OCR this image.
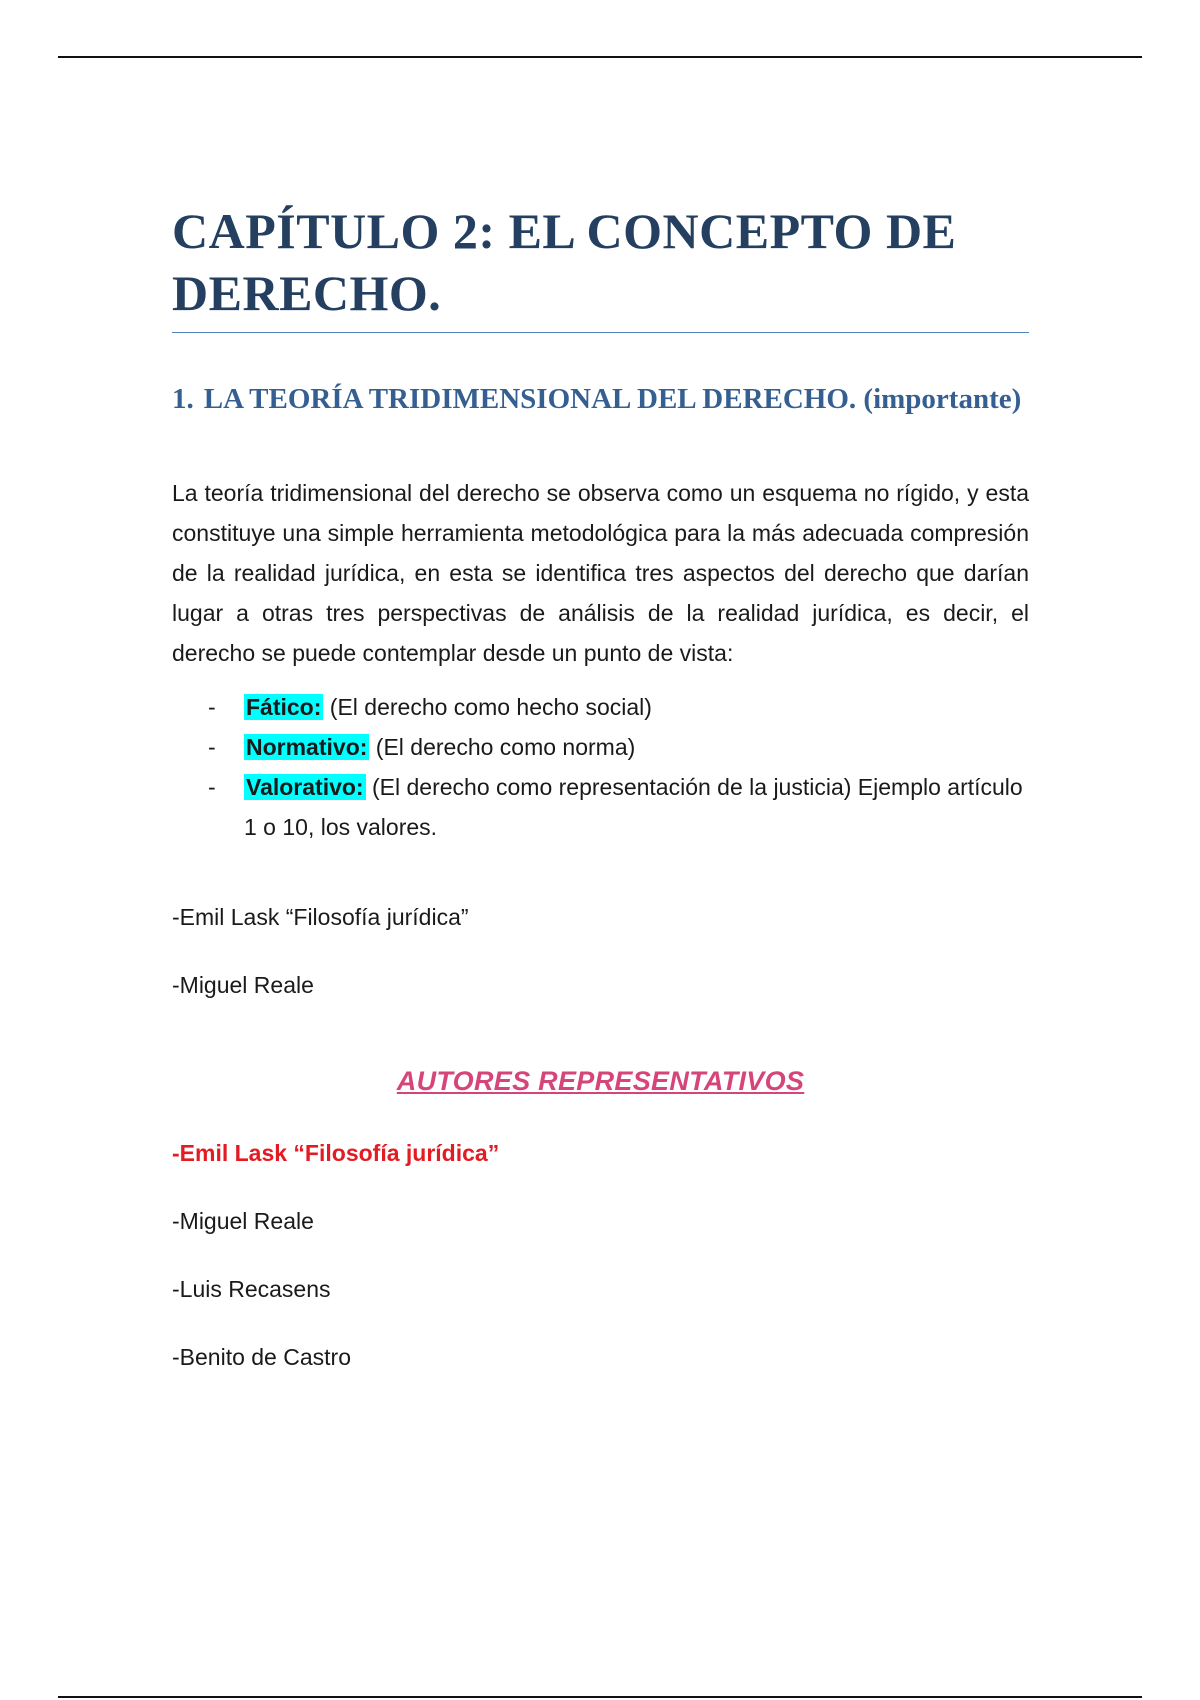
CAPÍTULO 2: EL CONCEPTO DE DERECHO.
1. LA TEORÍA TRIDIMENSIONAL DEL DERECHO. (importante)

La teoría tridimensional del derecho se observa como un esquema no rígido, y esta constituye una simple herramienta metodológica para la más adecuada compresión de la realidad jurídica, en esta se identifica tres aspectos del derecho que darían lugar a otras tres perspectivas de análisis de la realidad jurídica, es decir, el derecho se puede contemplar desde un punto de vista:

- Fático: (El derecho como hecho social)
- Normativo: (El derecho como norma)
- Valorativo: (El derecho como representación de la justicia) Ejemplo artículo 1 o 10, los valores.

-Emil Lask “Filosofía jurídica”

-Miguel Reale

AUTORES REPRESENTATIVOS

-Emil Lask “Filosofía jurídica”

-Miguel Reale

-Luis Recasens

-Benito de Castro
